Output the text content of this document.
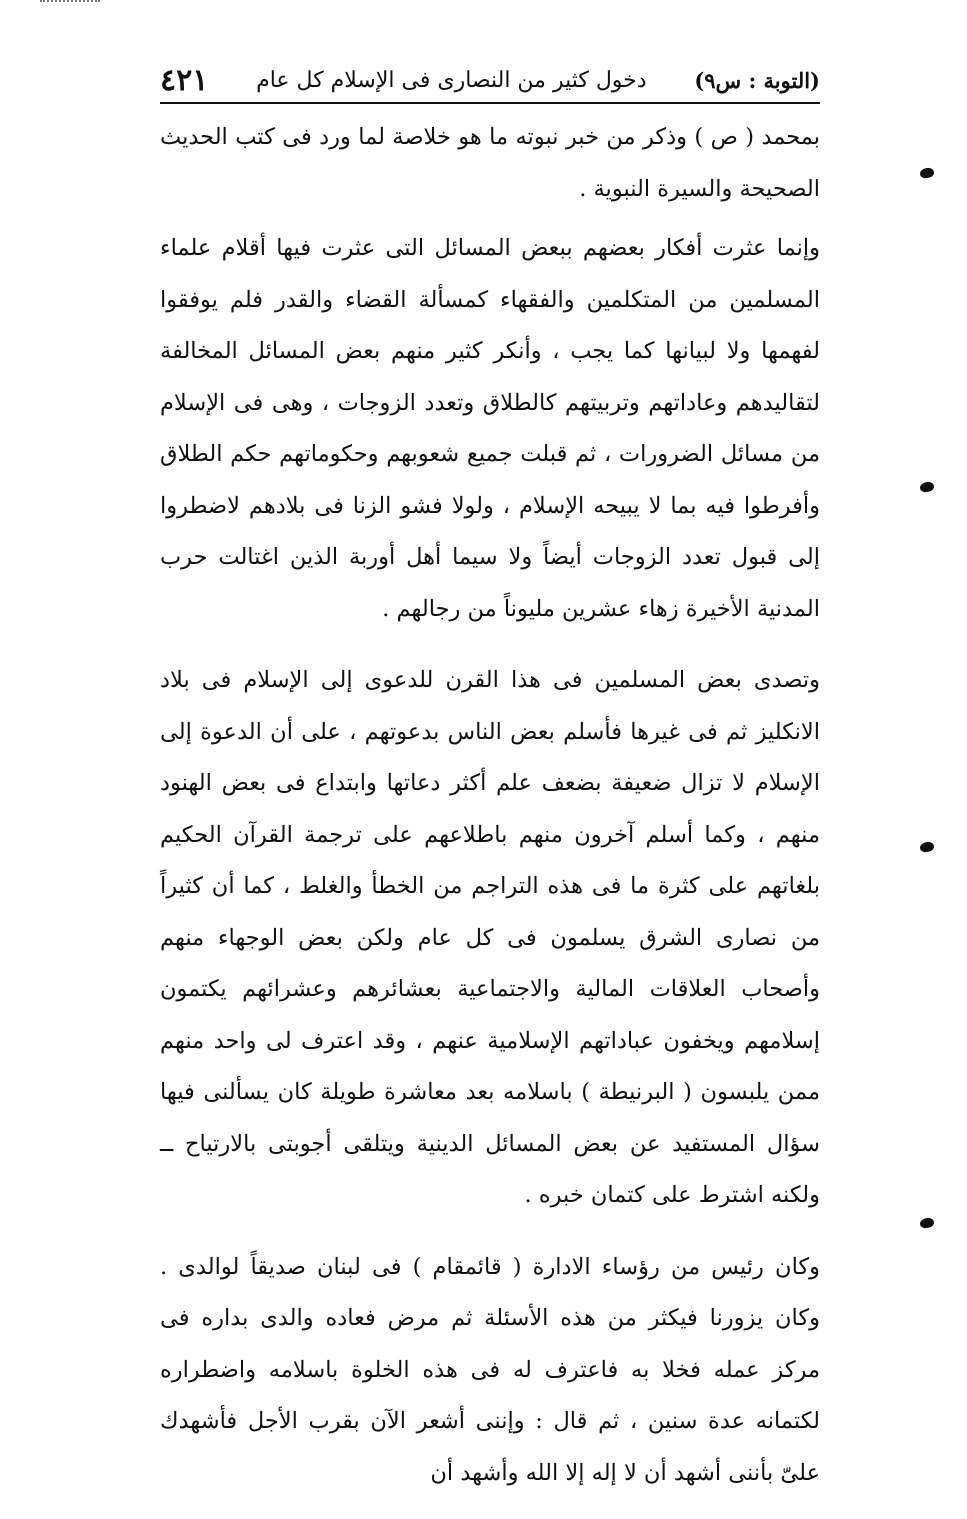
(التوبة : س٩)
دخول كثير من النصارى فى الإسلام كل عام
٤٢١

بمحمد ( ص ) وذكر من خبر نبوته ما هو خلاصة لما ورد فى كتب الحديث الصحيحة والسيرة النبوية .

وإنما عثرت أفكار بعضهم ببعض المسائل التى عثرت فيها أقلام علماء المسلمين من المتكلمين والفقهاء كمسألة القضاء والقدر فلم يوفقوا لفهمها ولا لبيانها كما يجب ، وأنكر كثير منهم بعض المسائل المخالفة لتقاليدهم وعاداتهم وتربيتهم كالطلاق وتعدد الزوجات ، وهى فى الإسلام من مسائل الضرورات ، ثم قبلت جميع شعوبهم وحكوماتهم حكم الطلاق وأفرطوا فيه بما لا يبيحه الإسلام ، ولولا فشو الزنا فى بلادهم لاضطروا إلى قبول تعدد الزوجات أيضاً ولا سيما أهل أوربة الذين اغتالت حرب المدنية الأخيرة زهاء عشرين مليوناً من رجالهم .

وتصدى بعض المسلمين فى هذا القرن للدعوى إلى الإسلام فى بلاد الانكليز ثم فى غيرها فأسلم بعض الناس بدعوتهم ، على أن الدعوة إلى الإسلام لا تزال ضعيفة بضعف علم أكثر دعاتها وابتداع فى بعض الهنود منهم ، وكما أسلم آخرون منهم باطلاعهم على ترجمة القرآن الحكيم بلغاتهم على كثرة ما فى هذه التراجم من الخطأ والغلط ، كما أن كثيراً من نصارى الشرق يسلمون فى كل عام ولكن بعض الوجهاء منهم وأصحاب العلاقات المالية والاجتماعية بعشائرهم وعشرائهم يكتمون إسلامهم ويخفون عباداتهم الإسلامية عنهم ، وقد اعترف لى واحد منهم ممن يلبسون ( البرنيطة ) باسلامه بعد معاشرة طويلة كان يسألنى فيها سؤال المستفيد عن بعض المسائل الدينية ويتلقى أجوبتى بالارتياح ــ ولكنه اشترط على كتمان خبره .

وكان رئيس من رؤساء الادارة ( قائمقام ) فى لبنان صديقاً لوالدى . وكان يزورنا فيكثر من هذه الأسئلة ثم مرض فعاده والدى بداره فى مركز عمله فخلا به فاعترف له فى هذه الخلوة باسلامه واضطراره لكتمانه عدة سنين ، ثم قال : وإننى أشعر الآن بقرب الأجل فأشهدك علىّ بأننى أشهد أن لا إله إلا الله وأشهد أن
